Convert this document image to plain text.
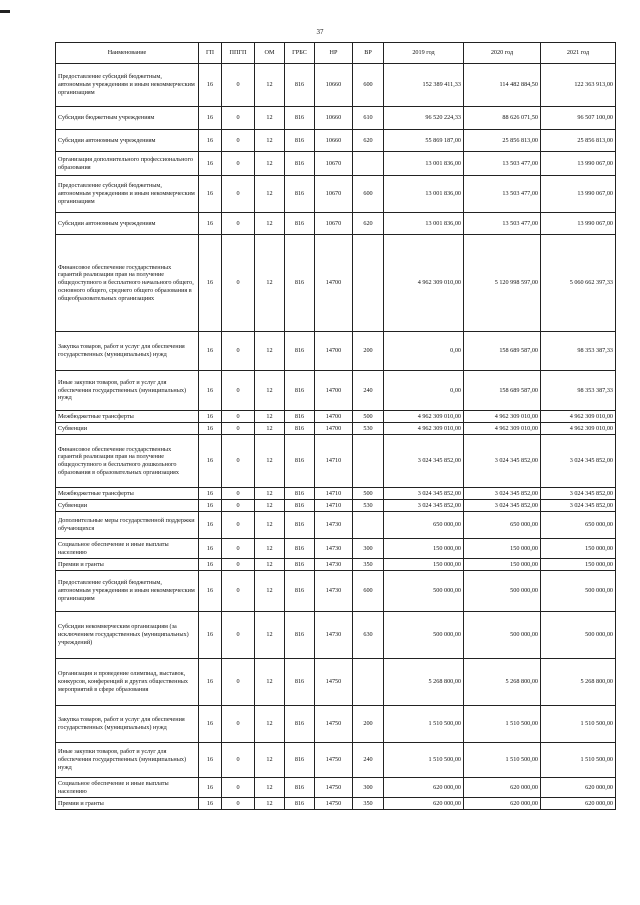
37
Наименование	ГП	ППГП	ОМ	ГРБС	НР	ВР	2019 год	2020 год	2021 год
Предоставление субсидий бюджетным, автономным учреждениям и иным некоммерческим организациям	16	0	12	816	10660	600	152 389 411,33	114 482 884,50	122 363 913,00
Субсидии бюджетным учреждениям	16	0	12	816	10660	610	96 520 224,33	88 626 071,50	96 507 100,00
Субсидии автономным учреждениям	16	0	12	816	10660	620	55 869 187,00	25 856 813,00	25 856 813,00
Организация дополнительного профессионального образования	16	0	12	816	10670		13 001 836,00	13 503 477,00	13 990 067,00
Предоставление субсидий бюджетным, автономным учреждениям и иным некоммерческим организациям	16	0	12	816	10670	600	13 001 836,00	13 503 477,00	13 990 067,00
Субсидии автономным учреждениям	16	0	12	816	10670	620	13 001 836,00	13 503 477,00	13 990 067,00
Финансовое обеспечение государственных гарантий реализации прав на получение общедоступного и бесплатного начального общего, основного общего, среднего общего образования в общеобразовательных организациях	16	0	12	816	14700		4 962 309 010,00	5 120 998 597,00	5 060 662 397,33
Закупка товаров, работ и услуг для обеспечения государственных (муниципальных) нужд	16	0	12	816	14700	200	0,00	158 689 587,00	98 353 387,33
Иные закупки товаров, работ и услуг для обеспечения государственных (муниципальных) нужд	16	0	12	816	14700	240	0,00	158 689 587,00	98 353 387,33
Межбюджетные трансферты	16	0	12	816	14700	500	4 962 309 010,00	4 962 309 010,00	4 962 309 010,00
Субвенции	16	0	12	816	14700	530	4 962 309 010,00	4 962 309 010,00	4 962 309 010,00
Финансовое обеспечение государственных гарантий реализации прав на получение общедоступного и бесплатного дошкольного образования в образовательных организациях	16	0	12	816	14710		3 024 345 852,00	3 024 345 852,00	3 024 345 852,00
Межбюджетные трансферты	16	0	12	816	14710	500	3 024 345 852,00	3 024 345 852,00	3 024 345 852,00
Субвенции	16	0	12	816	14710	530	3 024 345 852,00	3 024 345 852,00	3 024 345 852,00
Дополнительные меры государственной поддержки обучающихся	16	0	12	816	14730		650 000,00	650 000,00	650 000,00
Социальное обеспечение и иные выплаты населению	16	0	12	816	14730	300	150 000,00	150 000,00	150 000,00
Премии и гранты	16	0	12	816	14730	350	150 000,00	150 000,00	150 000,00
Предоставление субсидий бюджетным, автономным учреждениям и иным некоммерческим организациям	16	0	12	816	14730	600	500 000,00	500 000,00	500 000,00
Субсидии некоммерческим организациям (за исключением государственных (муниципальных) учреждений)	16	0	12	816	14730	630	500 000,00	500 000,00	500 000,00
Организация и проведение олимпиад, выставок, конкурсов, конференций и других общественных мероприятий в сфере образования	16	0	12	816	14750		5 268 800,00	5 268 800,00	5 268 800,00
Закупка товаров, работ и услуг для обеспечения государственных (муниципальных) нужд	16	0	12	816	14750	200	1 510 500,00	1 510 500,00	1 510 500,00
Иные закупки товаров, работ и услуг для обеспечения государственных (муниципальных) нужд	16	0	12	816	14750	240	1 510 500,00	1 510 500,00	1 510 500,00
Социальное обеспечение и иные выплаты населению	16	0	12	816	14750	300	620 000,00	620 000,00	620 000,00
Премии и гранты	16	0	12	816	14750	350	620 000,00	620 000,00	620 000,00
